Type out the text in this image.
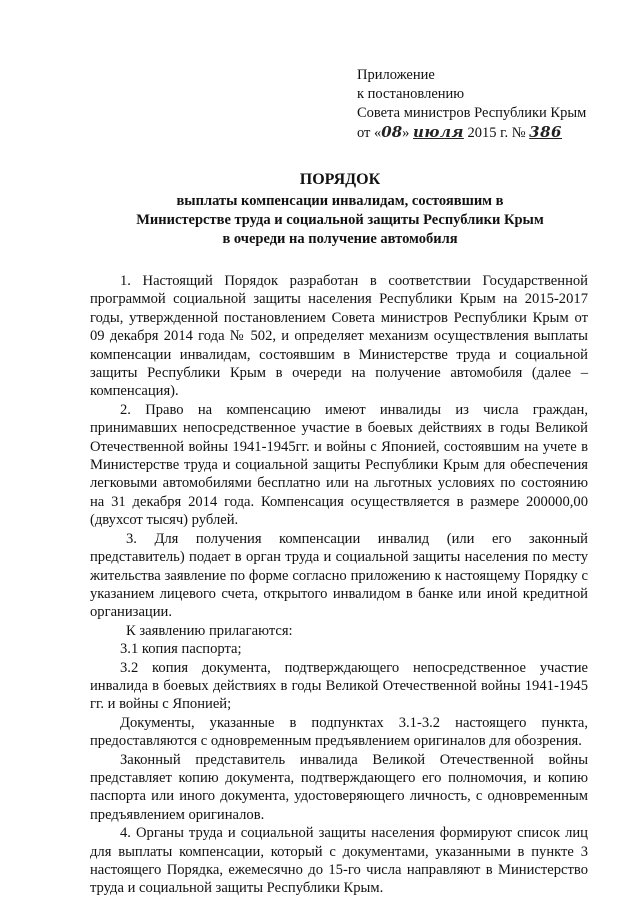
Приложение
к постановлению
Совета министров Республики Крым
от «08» июля 2015 г. № 386
ПОРЯДОК
выплаты компенсации инвалидам, состоявшим в
Министерстве труда и социальной защиты Республики Крым
в очереди на получение автомобиля

1. Настоящий Порядок разработан в соответствии Государственной программой социальной защиты населения Республики Крым на 2015-2017 годы, утвержденной постановлением Совета министров Республики Крым от 09 декабря 2014 года № 502, и определяет механизм осуществления выплаты компенсации инвалидам, состоявшим в Министерстве труда и социальной защиты Республики Крым в очереди на получение автомобиля (далее – компенсация).

2. Право на компенсацию имеют инвалиды из числа граждан, принимавших непосредственное участие в боевых действиях в годы Великой Отечественной войны 1941-1945гг. и войны с Японией, состоявшим на учете в Министерстве труда и социальной защиты Республики Крым для обеспечения легковыми автомобилями бесплатно или на льготных условиях по состоянию на 31 декабря 2014 года. Компенсация осуществляется в размере 200000,00 (двухсот тысяч) рублей.

3. Для получения компенсации инвалид (или его законный представитель) подает в орган труда и социальной защиты населения по месту жительства заявление по форме согласно приложению к настоящему Порядку с указанием лицевого счета, открытого инвалидом в банке или иной кредитной организации.

К заявлению прилагаются:

3.1 копия паспорта;

3.2 копия документа, подтверждающего непосредственное участие инвалида в боевых действиях в годы Великой Отечественной войны 1941-1945 гг. и войны с Японией;

Документы, указанные в подпунктах 3.1-3.2 настоящего пункта, предоставляются с одновременным предъявлением оригиналов для обозрения.

Законный представитель инвалида Великой Отечественной войны представляет копию документа, подтверждающего его полномочия, и копию паспорта или иного документа, удостоверяющего личность, с одновременным предъявлением оригиналов.

4. Органы труда и социальной защиты населения формируют список лиц для выплаты компенсации, который с документами, указанными в пункте 3 настоящего Порядка, ежемесячно до 15-го числа направляют в Министерство труда и социальной защиты Республики Крым.
